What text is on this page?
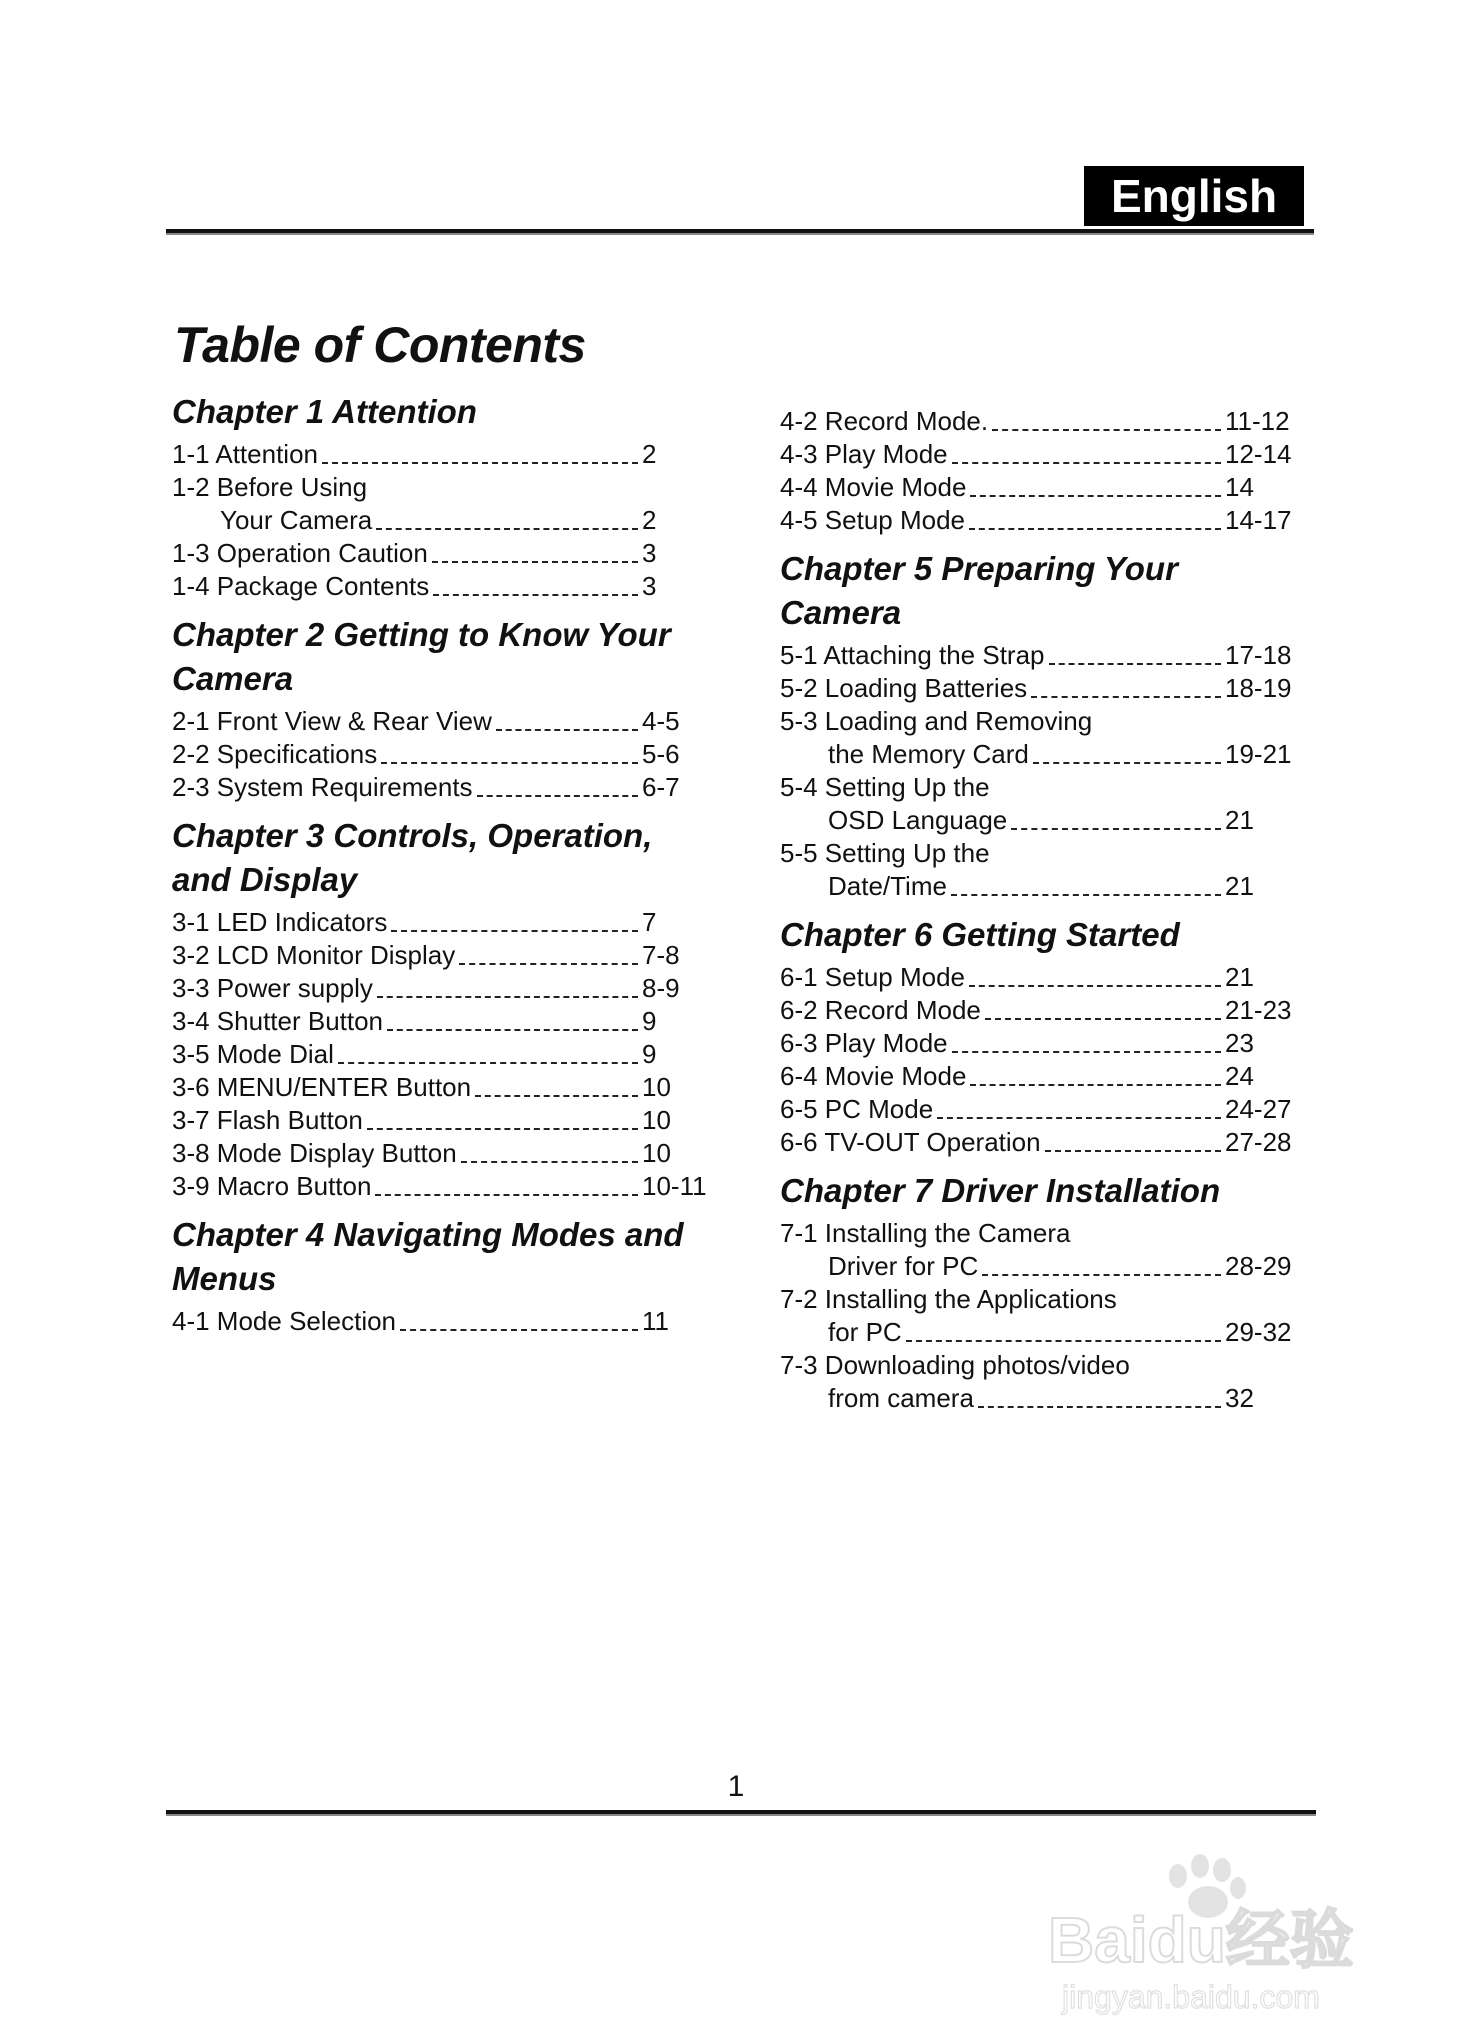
English
Table of Contents
Chapter 1 Attention
1-1 Attention	2
1-2 Before Using
Your Camera	2
1-3 Operation Caution	3
1-4 Package Contents	3
Chapter 2 Getting to Know Your
Camera
2-1 Front View & Rear View	4-5
2-2 Specifications	5-6
2-3 System Requirements	6-7
Chapter 3 Controls, Operation,
and Display
3-1 LED Indicators	7
3-2 LCD Monitor Display	7-8
3-3 Power supply	8-9
3-4 Shutter Button	9
3-5 Mode Dial	9
3-6 MENU/ENTER Button	10
3-7 Flash Button	10
3-8 Mode Display Button	10
3-9 Macro Button	10-11
Chapter 4 Navigating Modes and
Menus
4-1 Mode Selection	11
4-2 Record Mode.	11-12
4-3 Play Mode	12-14
4-4 Movie Mode	14
4-5 Setup Mode	14-17
Chapter 5 Preparing Your Camera
5-1 Attaching the Strap	17-18
5-2 Loading Batteries	18-19
5-3 Loading and Removing
the Memory Card	19-21
5-4 Setting Up the
OSD Language	21
5-5 Setting Up the
Date/Time	21
Chapter 6 Getting Started
6-1 Setup Mode	21
6-2 Record Mode	21-23
6-3 Play Mode	23
6-4 Movie Mode	24
6-5 PC Mode	24-27
6-6 TV-OUT Operation	27-28
Chapter 7 Driver Installation
7-1 Installing the Camera
Driver for PC	28-29
7-2 Installing the Applications
for PC	29-32
7-3 Downloading photos/video
from camera	32
1
Baidu经验
jingyan.baidu.com
